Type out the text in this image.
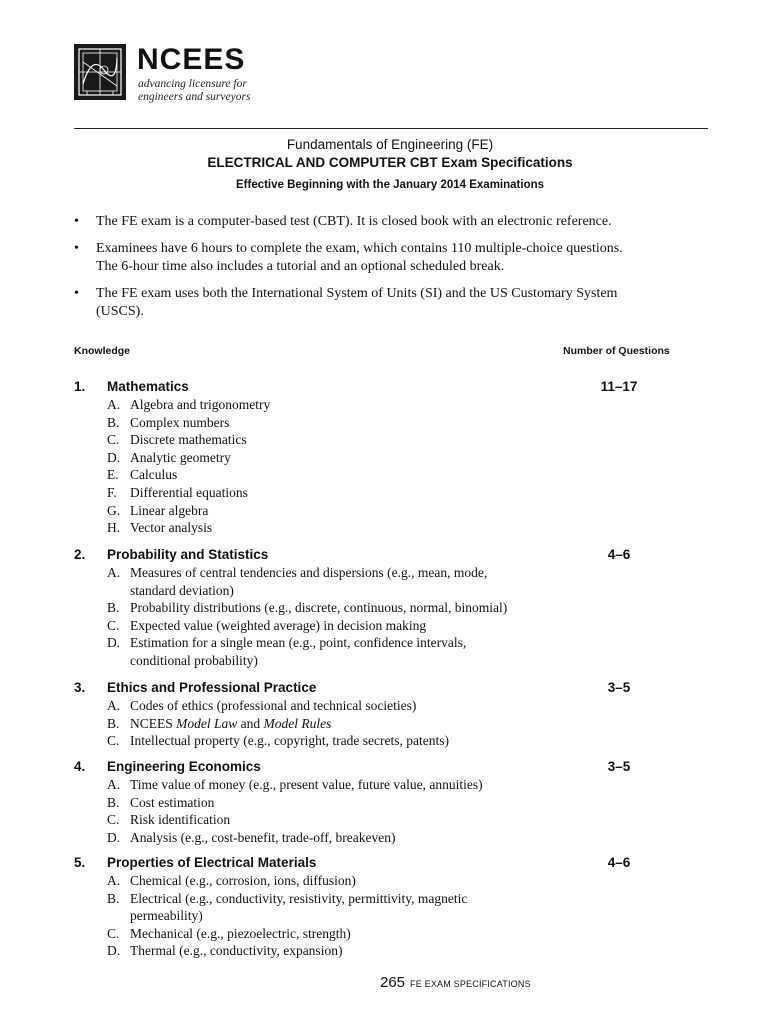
NCEES
advancing licensure for
engineers and surveyors
Fundamentals of Engineering (FE)
ELECTRICAL AND COMPUTER CBT Exam Specifications
Effective Beginning with the January 2014 Examinations
• The FE exam is a computer-based test (CBT). It is closed book with an electronic reference.
• Examinees have 6 hours to complete the exam, which contains 110 multiple-choice questions.
The 6-hour time also includes a tutorial and an optional scheduled break.
• The FE exam uses both the International System of Units (SI) and the US Customary System
(USCS).
Knowledge	Number of Questions
1. Mathematics	11–17
A. Algebra and trigonometry
B. Complex numbers
C. Discrete mathematics
D. Analytic geometry
E. Calculus
F. Differential equations
G. Linear algebra
H. Vector analysis
2. Probability and Statistics	4–6
A. Measures of central tendencies and dispersions (e.g., mean, mode,
standard deviation)
B. Probability distributions (e.g., discrete, continuous, normal, binomial)
C. Expected value (weighted average) in decision making
D. Estimation for a single mean (e.g., point, confidence intervals,
conditional probability)
3. Ethics and Professional Practice	3–5
A. Codes of ethics (professional and technical societies)
B. NCEES Model Law and Model Rules
C. Intellectual property (e.g., copyright, trade secrets, patents)
4. Engineering Economics	3–5
A. Time value of money (e.g., present value, future value, annuities)
B. Cost estimation
C. Risk identification
D. Analysis (e.g., cost-benefit, trade-off, breakeven)
5. Properties of Electrical Materials	4–6
A. Chemical (e.g., corrosion, ions, diffusion)
B. Electrical (e.g., conductivity, resistivity, permittivity, magnetic
permeability)
C. Mechanical (e.g., piezoelectric, strength)
D. Thermal (e.g., conductivity, expansion)
265 FE EXAM SPECIFICATIONS
